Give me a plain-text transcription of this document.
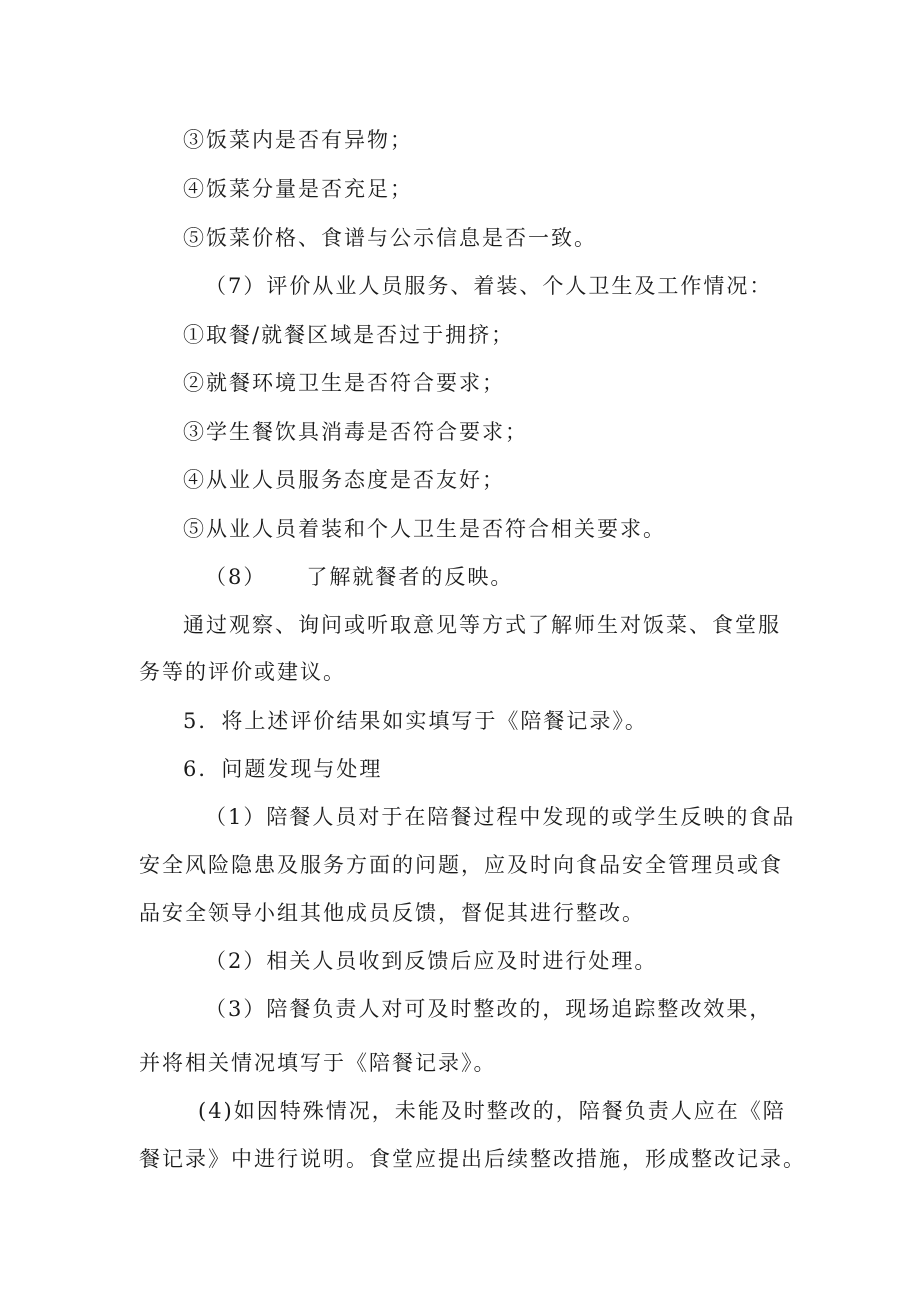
③饭菜内是否有异物；
④饭菜分量是否充足；
⑤饭菜价格、食谱与公示信息是否一致。
（7）评价从业人员服务、着装、个人卫生及工作情况：
①取餐/就餐区域是否过于拥挤；
②就餐环境卫生是否符合要求；
③学生餐饮具消毒是否符合要求；
④从业人员服务态度是否友好；
⑤从业人员着装和个人卫生是否符合相关要求。
（8） 了解就餐者的反映。
通过观察、询问或听取意见等方式了解师生对饭菜、食堂服
务等的评价或建议。
5．将上述评价结果如实填写于《陪餐记录》。
6．问题发现与处理
（1）陪餐人员对于在陪餐过程中发现的或学生反映的食品
安全风险隐患及服务方面的问题，应及时向食品安全管理员或食
品安全领导小组其他成员反馈，督促其进行整改。
（2）相关人员收到反馈后应及时进行处理。
（3）陪餐负责人对可及时整改的，现场追踪整改效果，
并将相关情况填写于《陪餐记录》。
(4)如因特殊情况，未能及时整改的，陪餐负责人应在《陪
餐记录》中进行说明。食堂应提出后续整改措施，形成整改记录。
